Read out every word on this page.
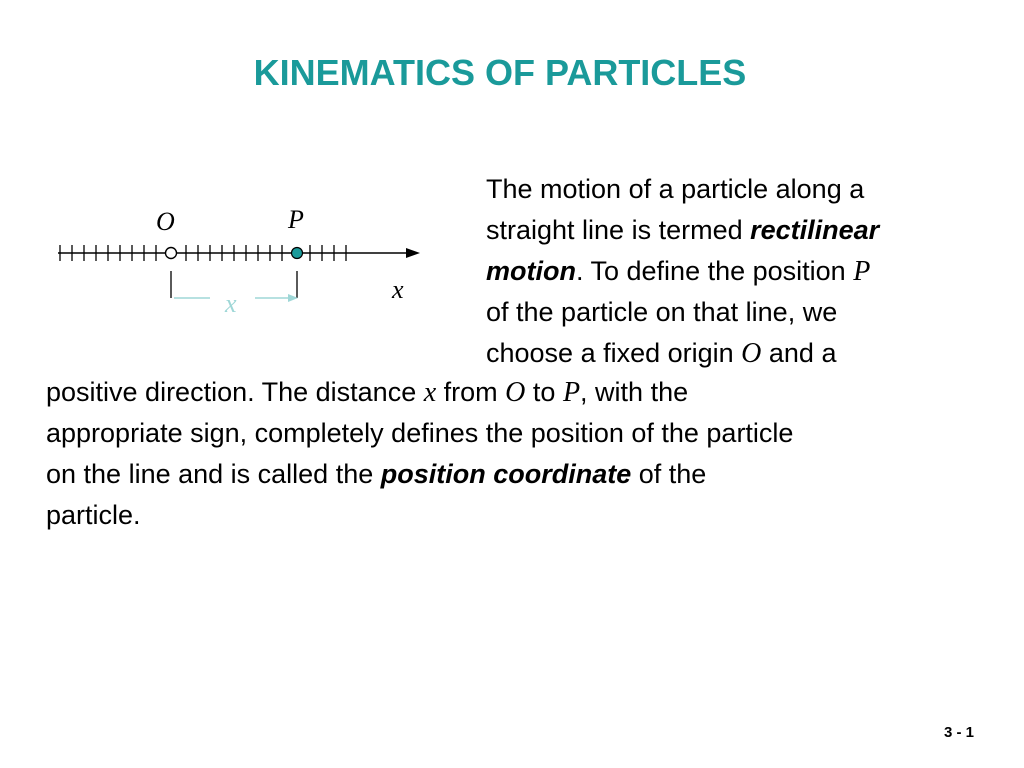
KINEMATICS OF PARTICLES
O	P
x
x
The motion of a particle along a
straight line is termed rectilinear
motion. To define the position P
of the particle on that line, we
choose a fixed origin O and a
positive direction. The distance x from O to P, with the
appropriate sign, completely defines the position of the particle
on the line and is called the position coordinate of the
particle.
3 - 1
